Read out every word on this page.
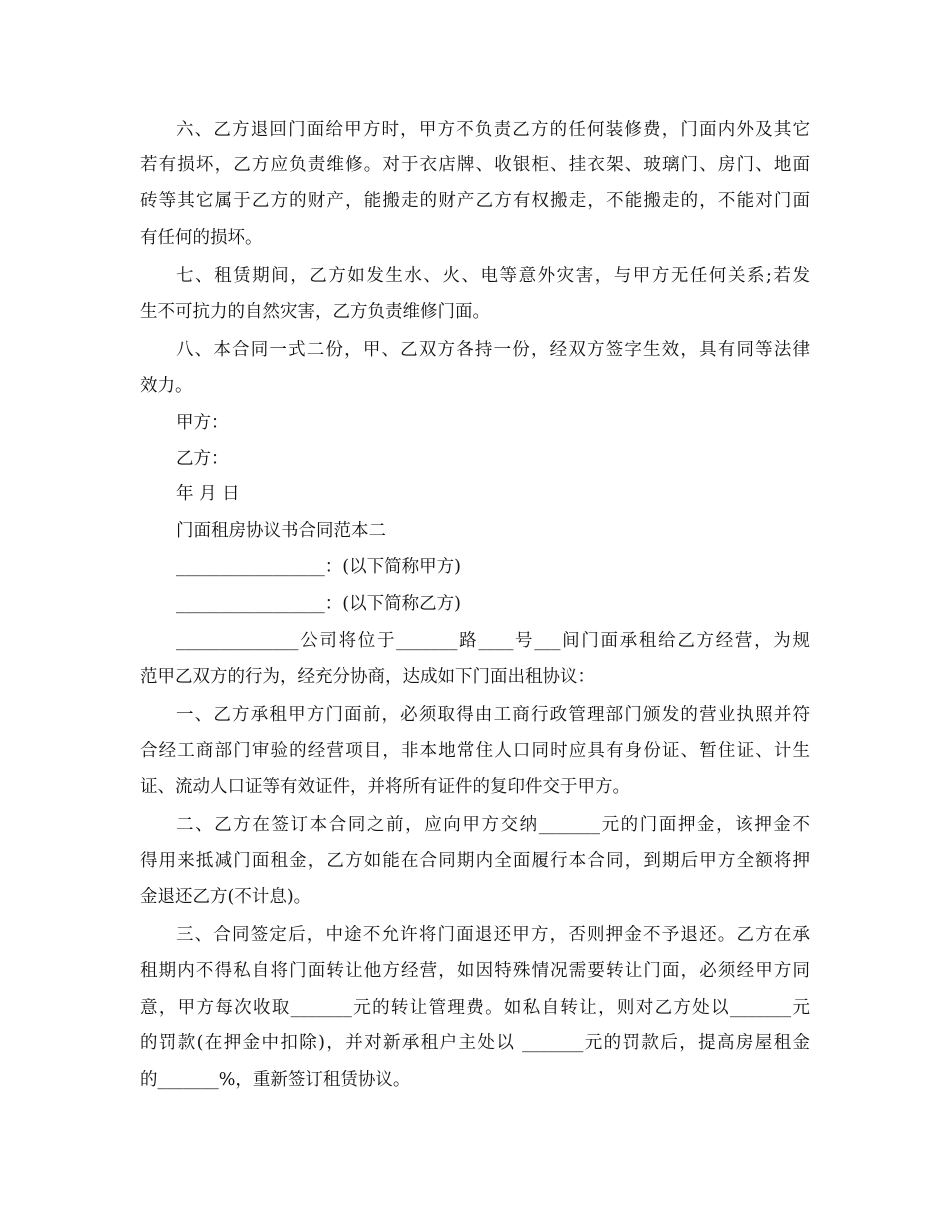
六、乙方退回门面给甲方时，甲方不负责乙方的任何装修费，门面内外及其它
若有损坏，乙方应负责维修。对于衣店牌、收银柜、挂衣架、玻璃门、房门、地面
砖等其它属于乙方的财产，能搬走的财产乙方有权搬走，不能搬走的，不能对门面
有任何的损坏。
七、租赁期间，乙方如发生水、火、电等意外灾害，与甲方无任何关系;若发
生不可抗力的自然灾害，乙方负责维修门面。
八、本合同一式二份，甲、乙双方各持一份，经双方签字生效，具有同等法律
效力。
甲方：
乙方：
年 月 日
门面租房协议书合同范本二
_________________：(以下简称甲方)
_________________：(以下简称乙方)
______________公司将位于_______路____号___间门面承租给乙方经营，为规
范甲乙双方的行为，经充分协商，达成如下门面出租协议：
一、乙方承租甲方门面前，必须取得由工商行政管理部门颁发的营业执照并符
合经工商部门审验的经营项目，非本地常住人口同时应具有身份证、暂住证、计生
证、流动人口证等有效证件，并将所有证件的复印件交于甲方。
二、乙方在签订本合同之前，应向甲方交纳_______元的门面押金，该押金不
得用来抵减门面租金，乙方如能在合同期内全面履行本合同，到期后甲方全额将押
金退还乙方(不计息)。
三、合同签定后，中途不允许将门面退还甲方，否则押金不予退还。乙方在承
租期内不得私自将门面转让他方经营，如因特殊情况需要转让门面，必须经甲方同
意，甲方每次收取_______元的转让管理费。如私自转让，则对乙方处以_______元
的罚款(在押金中扣除)，并对新承租户主处以 _______元的罚款后，提高房屋租金
的_______%，重新签订租赁协议。
